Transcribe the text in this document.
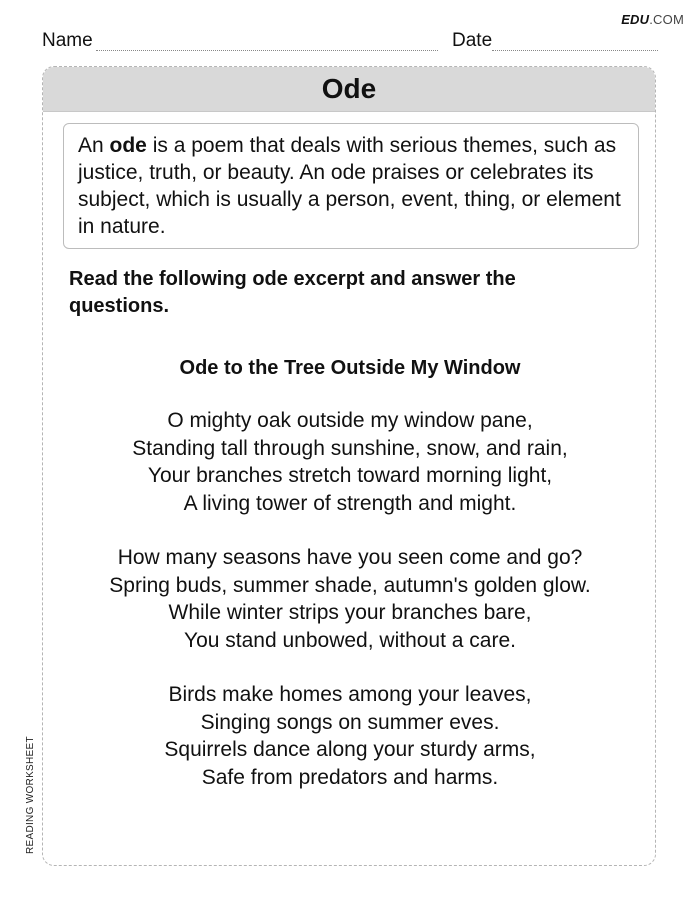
EDU.COM
Name	Date
READING WORKSHEET
Ode
An ode is a poem that deals with serious themes, such as justice, truth, or beauty. An ode praises or celebrates its subject, which is usually a person, event, thing, or element in nature.
Read the following ode excerpt and answer the questions.
Ode to the Tree Outside My Window
O mighty oak outside my window pane,
Standing tall through sunshine, snow, and rain,
Your branches stretch toward morning light,
A living tower of strength and might.
How many seasons have you seen come and go?
Spring buds, summer shade, autumn's golden glow.
While winter strips your branches bare,
You stand unbowed, without a care.
Birds make homes among your leaves,
Singing songs on summer eves.
Squirrels dance along your sturdy arms,
Safe from predators and harms.
